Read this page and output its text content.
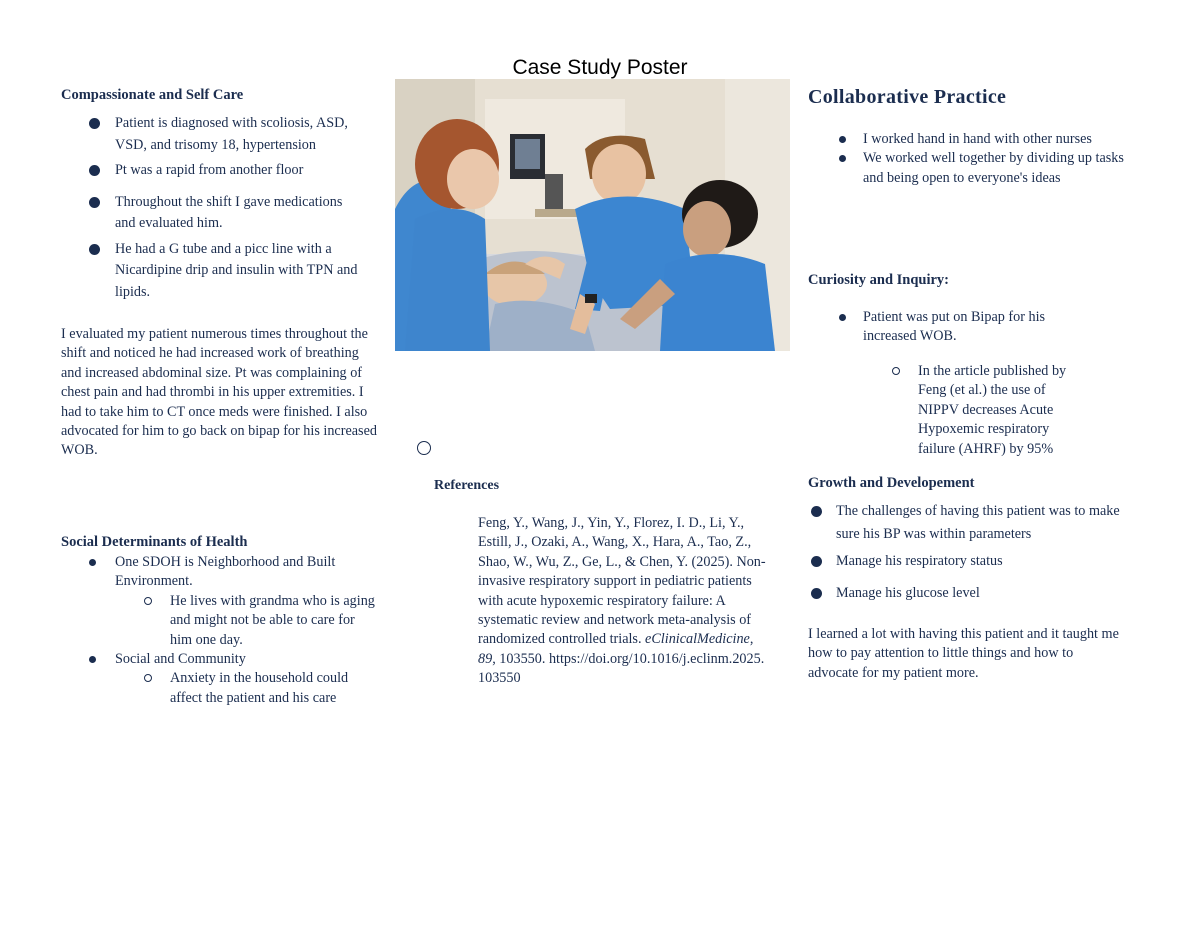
Case Study Poster
Compassionate and Self Care
Patient is diagnosed with scoliosis, ASD, VSD, and trisomy 18, hypertension
Pt was a rapid from another floor
Throughout the shift I gave medications and evaluated him.
He had a G tube and a picc line with a Nicardipine drip and insulin with TPN and lipids.
I evaluated my patient numerous times throughout the shift and noticed he had increased work of breathing and increased abdominal size. Pt was complaining of chest pain and had thrombi in his upper extremities. I had to take him to CT once meds were finished. I also advocated for him to go back on bipap for his increased WOB.
Social Determinants of Health
One SDOH is Neighborhood and Built Environment.
He lives with grandma who is aging and might not be able to care for him one day.
Social and Community
Anxiety in the household could affect the patient and his care
References
Feng, Y., Wang, J., Yin, Y., Florez, I. D., Li, Y., Estill, J., Ozaki, A., Wang, X., Hara, A., Tao, Z., Shao, W., Wu, Z., Ge, L., & Chen, Y. (2025). Non-invasive respiratory support in pediatric patients with acute hypoxemic respiratory failure: A systematic review and network meta-analysis of randomized controlled trials. eClinicalMedicine, 89, 103550. https://doi.org/10.1016/j.eclinm.2025.103550
Collaborative Practice
I worked hand in hand with other nurses
We worked well together by dividing up tasks and being open to everyone's ideas
Curiosity and Inquiry:
Patient was put on Bipap for his increased WOB.
In the article published by Feng (et al.) the use of NIPPV decreases Acute Hypoxemic respiratory failure (AHRF) by 95%
Growth and Developement
The challenges of having this patient was to make sure his BP was within parameters
Manage his respiratory status
Manage his glucose level
I learned a lot with having this patient and it taught me how to pay attention to little things and how to advocate for my patient more.
